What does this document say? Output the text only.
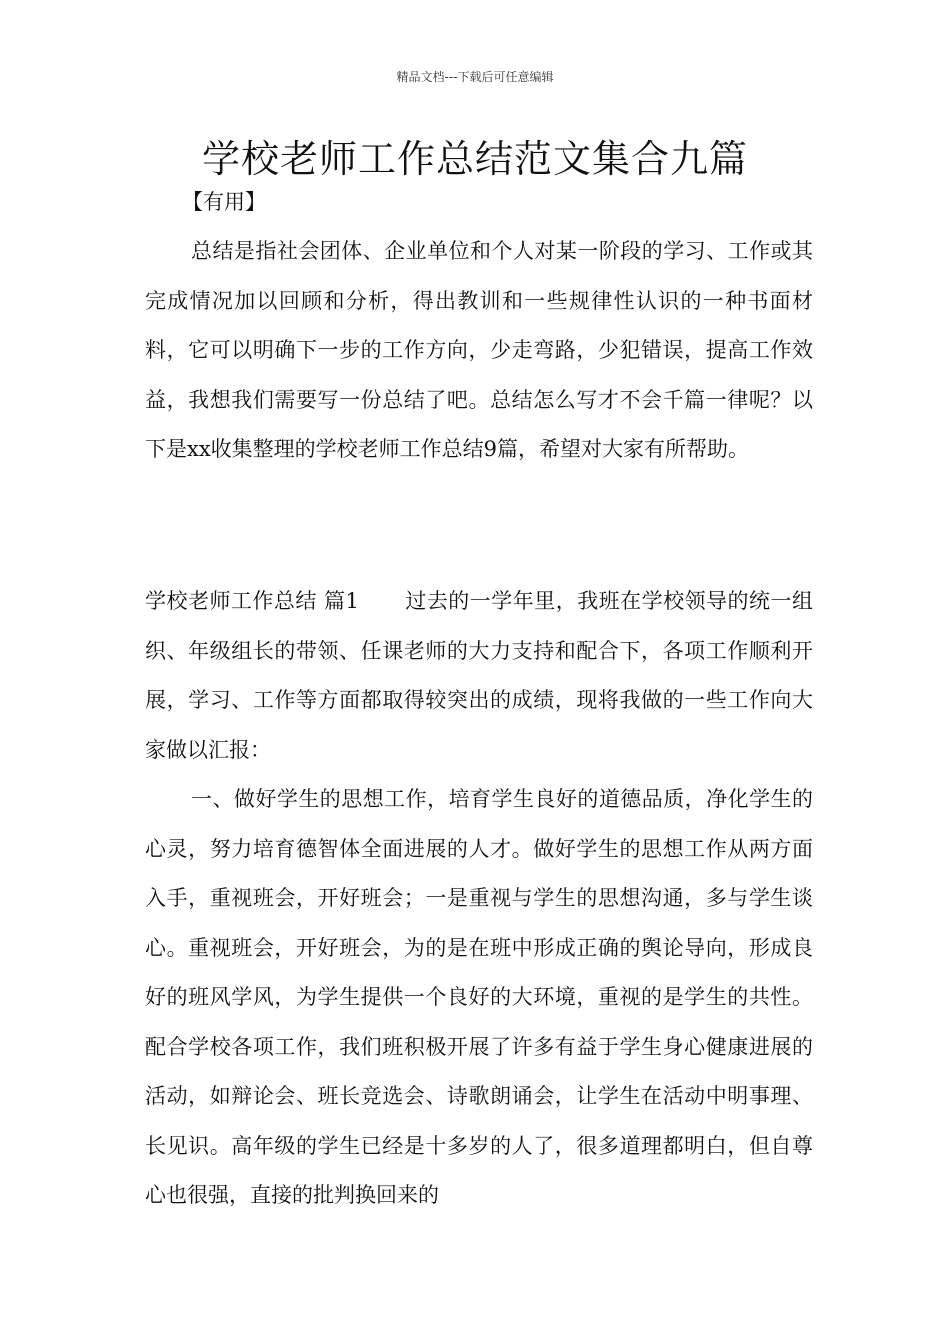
精品文档---下载后可任意编辑
学校老师工作总结范文集合九篇
【有用】

总结是指社会团体、企业单位和个人对某一阶段的学习、工作或其完成情况加以回顾和分析，得出教训和一些规律性认识的一种书面材料，它可以明确下一步的工作方向，少走弯路，少犯错误，提高工作效益，我想我们需要写一份总结了吧。总结怎么写才不会千篇一律呢？以下是xx收集整理的学校老师工作总结9篇，希望对大家有所帮助。

学校老师工作总结 篇1 过去的一学年里，我班在学校领导的统一组织、年级组长的带领、任课老师的大力支持和配合下，各项工作顺利开展，学习、工作等方面都取得较突出的成绩，现将我做的一些工作向大家做以汇报：

一、做好学生的思想工作，培育学生良好的道德品质，净化学生的心灵，努力培育德智体全面进展的人才。做好学生的思想工作从两方面入手，重视班会，开好班会；一是重视与学生的思想沟通，多与学生谈心。重视班会，开好班会，为的是在班中形成正确的舆论导向，形成良好的班风学风，为学生提供一个良好的大环境，重视的是学生的共性。配合学校各项工作，我们班积极开展了许多有益于学生身心健康进展的活动，如辩论会、班长竞选会、诗歌朗诵会，让学生在活动中明事理、长见识。高年级的学生已经是十多岁的人了，很多道理都明白，但自尊心也很强，直接的批判换回来的
